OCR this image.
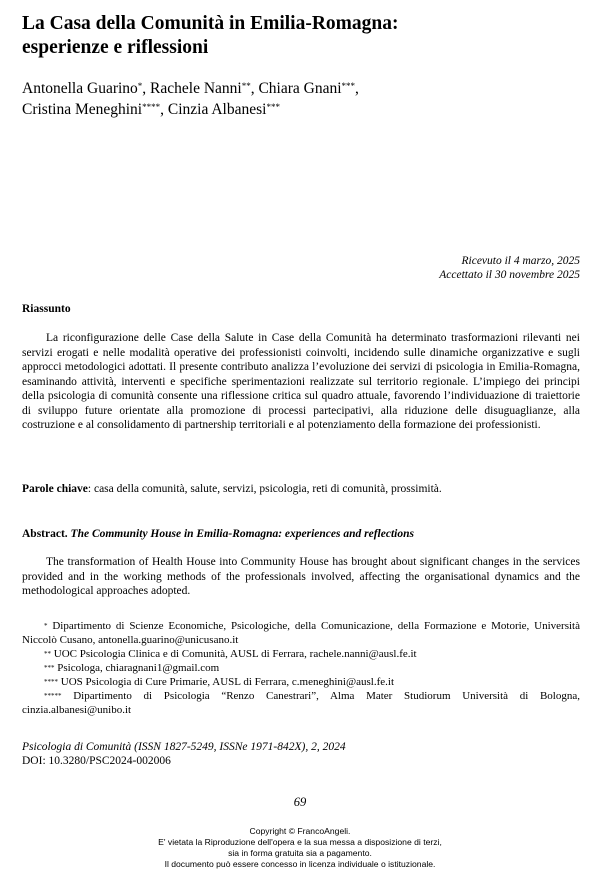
La Casa della Comunità in Emilia-Romagna:
esperienze e riflessioni
Antonella Guarino*, Rachele Nanni**, Chiara Gnani***,
Cristina Meneghini****, Cinzia Albanesi***
Ricevuto il 4 marzo, 2025
Accettato il 30 novembre 2025
Riassunto

La riconfigurazione delle Case della Salute in Case della Comunità ha determinato trasformazioni rilevanti nei servizi erogati e nelle modalità operative dei professionisti coinvolti, incidendo sulle dinamiche organizzative e sugli approcci metodologici adottati. Il presente contributo analizza l’evoluzione dei servizi di psicologia in Emilia-Romagna, esaminando attività, interventi e specifiche sperimentazioni realizzate sul territorio regionale. L’impiego dei principi della psicologia di comunità consente una riflessione critica sul quadro attuale, favorendo l’individuazione di traiettorie di sviluppo future orientate alla promozione di processi partecipativi, alla riduzione delle disuguaglianze, alla costruzione e al consolidamento di partnership territoriali e al potenziamento della formazione dei professionisti.

Parole chiave: casa della comunità, salute, servizi, psicologia, reti di comunità, prossimità.

Abstract. The Community House in Emilia-Romagna: experiences and reflections

The transformation of Health House into Community House has brought about significant changes in the services provided and in the working methods of the professionals involved, affecting the organisational dynamics and the methodological approaches adopted.

* Dipartimento di Scienze Economiche, Psicologiche, della Comunicazione, della Formazione e Motorie, Università Niccolò Cusano, antonella.guarino@unicusano.it
** UOC Psicologia Clinica e di Comunità, AUSL di Ferrara, rachele.nanni@ausl.fe.it
*** Psicologa, chiaragnani1@gmail.com
**** UOS Psicologia di Cure Primarie, AUSL di Ferrara, c.meneghini@ausl.fe.it
***** Dipartimento di Psicologia “Renzo Canestrari”, Alma Mater Studiorum Università di Bologna, cinzia.albanesi@unibo.it
Psicologia di Comunità (ISSN 1827-5249, ISSNe 1971-842X), 2, 2024
DOI: 10.3280/PSC2024-002006
69
Copyright © FrancoAngeli.
E' vietata la Riproduzione dell'opera e la sua messa a disposizione di terzi,
sia in forma gratuita sia a pagamento.
Il documento può essere concesso in licenza individuale o istituzionale.
